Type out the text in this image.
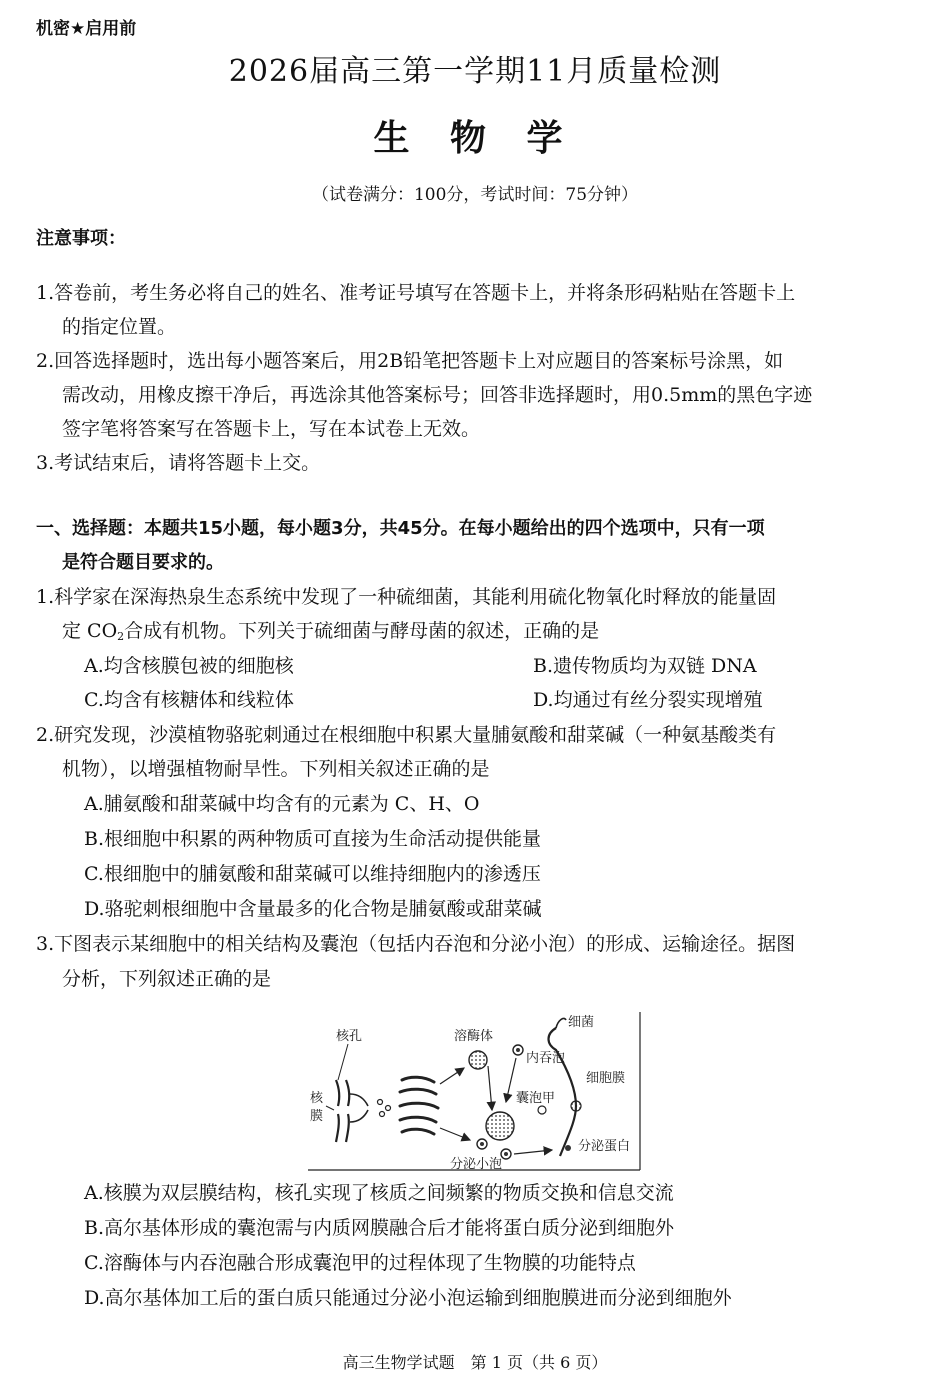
机密★启用前
2026届高三第一学期11月质量检测
生 物 学
（试卷满分：100分，考试时间：75分钟）
注意事项：
1.答卷前，考生务必将自己的姓名、准考证号填写在答题卡上，并将条形码粘贴在答题卡上
的指定位置。
2.回答选择题时，选出每小题答案后，用2B铅笔把答题卡上对应题目的答案标号涂黑，如
需改动，用橡皮擦干净后，再选涂其他答案标号；回答非选择题时，用0.5mm的黑色字迹
签字笔将答案写在答题卡上，写在本试卷上无效。
3.考试结束后，请将答题卡上交。
一、选择题：本题共15小题，每小题3分，共45分。在每小题给出的四个选项中，只有一项
是符合题目要求的。
1.科学家在深海热泉生态系统中发现了一种硫细菌，其能利用硫化物氧化时释放的能量固
定 $CO_2$合成有机物。下列关于硫细菌与酵母菌的叙述，正确的是
A.均含核膜包被的细胞核	B.遗传物质均为双链 DNA
C.均含有核糖体和线粒体	D.均通过有丝分裂实现增殖
2.研究发现，沙漠植物骆驼刺通过在根细胞中积累大量脯氨酸和甜菜碱（一种氨基酸类有
机物），以增强植物耐旱性。下列相关叙述正确的是
A.脯氨酸和甜菜碱中均含有的元素为 C、H、O
B.根细胞中积累的两种物质可直接为生命活动提供能量
C.根细胞中的脯氨酸和甜菜碱可以维持细胞内的渗透压
D.骆驼刺根细胞中含量最多的化合物是脯氨酸或甜菜碱
3.下图表示某细胞中的相关结构及囊泡（包括内吞泡和分泌小泡）的形成、运输途径。据图
分析，下列叙述正确的是
核孔
核
膜
溶酶体
内吞泡
细菌
细胞膜
囊泡甲
分泌蛋白
分泌小泡
A.核膜为双层膜结构，核孔实现了核质之间频繁的物质交换和信息交流
B.高尔基体形成的囊泡需与内质网膜融合后才能将蛋白质分泌到细胞外
C.溶酶体与内吞泡融合形成囊泡甲的过程体现了生物膜的功能特点
D.高尔基体加工后的蛋白质只能通过分泌小泡运输到细胞膜进而分泌到细胞外
高三生物学试题　第 1 页（共 6 页）
